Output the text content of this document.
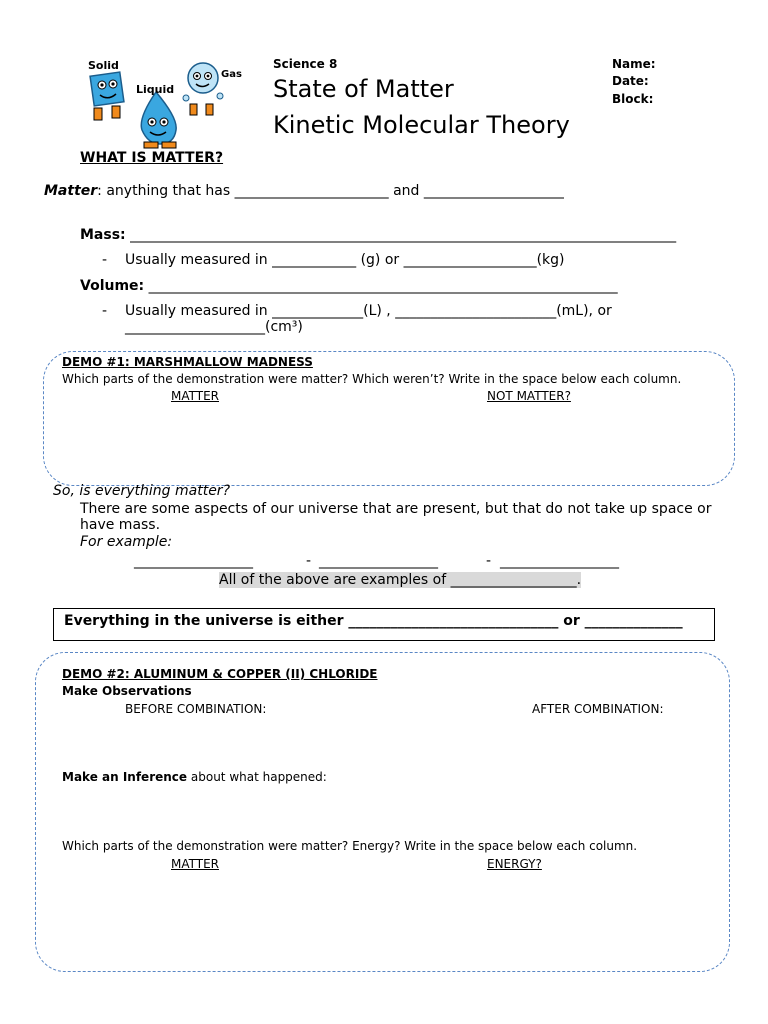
Solid
Liquid
Gas
Science 8
State of Matter
Kinetic Molecular Theory
Name:
Date:
Block:
WHAT IS MATTER?
Matter: anything that has ______________________ and ____________________
Mass: ______________________________________________________________________________
- Usually measured in ____________ (g) or ___________________(kg)
Volume: ___________________________________________________________________
- Usually measured in _____________(L) , _______________________(mL), or
____________________(cm³)
DEMO #1: MARSHMALLOW MADNESS
Which parts of the demonstration were matter? Which weren’t? Write in the space below each column.
MATTER	NOT MATTER?
So, is everything matter?
There are some aspects of our universe that are present, but that do not take up space or
have mass.
For example:
_________________	- _________________	- _________________
All of the above are examples of __________________.
Everything in the universe is either ______________________________ or ______________
DEMO #2: ALUMINUM & COPPER (II) CHLORIDE
Make Observations
BEFORE COMBINATION:	AFTER COMBINATION:
Make an Inference about what happened:
Which parts of the demonstration were matter? Energy? Write in the space below each column.
MATTER	ENERGY?
